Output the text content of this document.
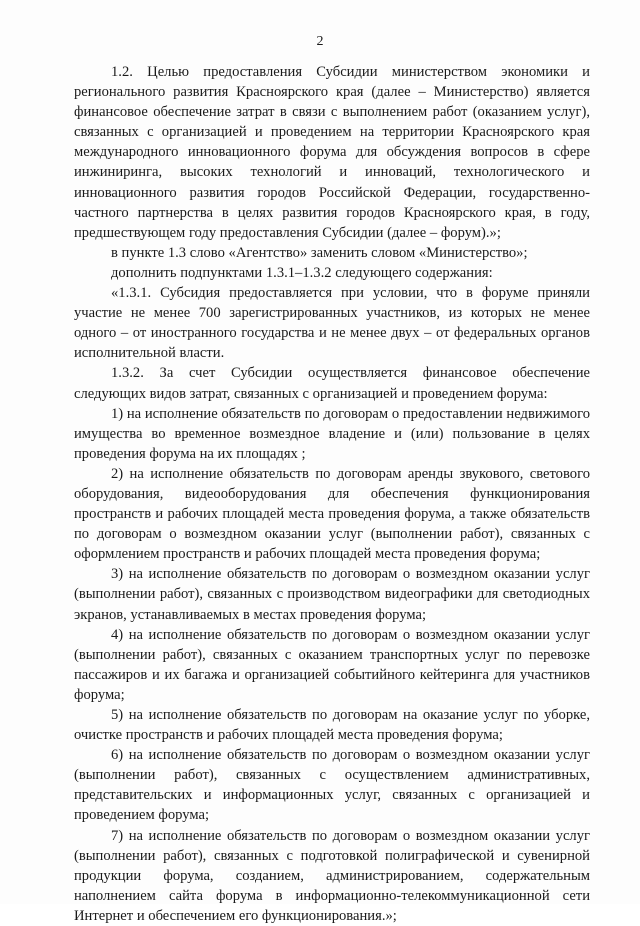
2

1.2. Целью предоставления Субсидии министерством экономики и регионального развития Красноярского края (далее – Министерство) является финансовое обеспечение затрат в связи с выполнением работ (оказанием услуг), связанных с организацией и проведением на территории Красноярского края международного инновационного форума для обсуждения вопросов в сфере инжиниринга, высоких технологий и инноваций, технологического и инновационного развития городов Российской Федерации, государственно-частного партнерства в целях развития городов Красноярского края, в году, предшествующем году предоставления Субсидии (далее – форум).»;

в пункте 1.3 слово «Агентство» заменить словом «Министерство»;

дополнить подпунктами 1.3.1–1.3.2 следующего содержания:

«1.3.1. Субсидия предоставляется при условии, что в форуме приняли участие не менее 700 зарегистрированных участников, из которых не менее одного – от иностранного государства и не менее двух – от федеральных органов исполнительной власти.

1.3.2. За счет Субсидии осуществляется финансовое обеспечение следующих видов затрат, связанных с организацией и проведением форума:

1) на исполнение обязательств по договорам о предоставлении недвижимого имущества во временное возмездное владение и (или) пользование в целях проведения форума на их площадях ;

2) на исполнение обязательств по договорам аренды звукового, светового оборудования, видеооборудования для обеспечения функционирования пространств и рабочих площадей места проведения форума, а также обязательств по договорам о возмездном оказании услуг (выполнении работ), связанных с оформлением пространств и рабочих площадей места проведения форума;

3) на исполнение обязательств по договорам о возмездном оказании услуг (выполнении работ), связанных с производством видеографики для светодиодных экранов, устанавливаемых в местах проведения форума;

4) на исполнение обязательств по договорам о возмездном оказании услуг (выполнении работ), связанных с оказанием транспортных услуг по перевозке пассажиров и их багажа и организацией событийного кейтеринга для участников форума;

5) на исполнение обязательств по договорам на оказание услуг по уборке, очистке пространств и рабочих площадей места проведения форума;

6) на исполнение обязательств по договорам о возмездном оказании услуг (выполнении работ), связанных с осуществлением административных, представительских и информационных услуг, связанных с организацией и проведением форума;

7) на исполнение обязательств по договорам о возмездном оказании услуг (выполнении работ), связанных с подготовкой полиграфической и сувенирной продукции форума, созданием, администрированием, содержательным наполнением сайта форума в информационно-телекоммуникационной сети Интернет и обеспечением его функционирования.»;
